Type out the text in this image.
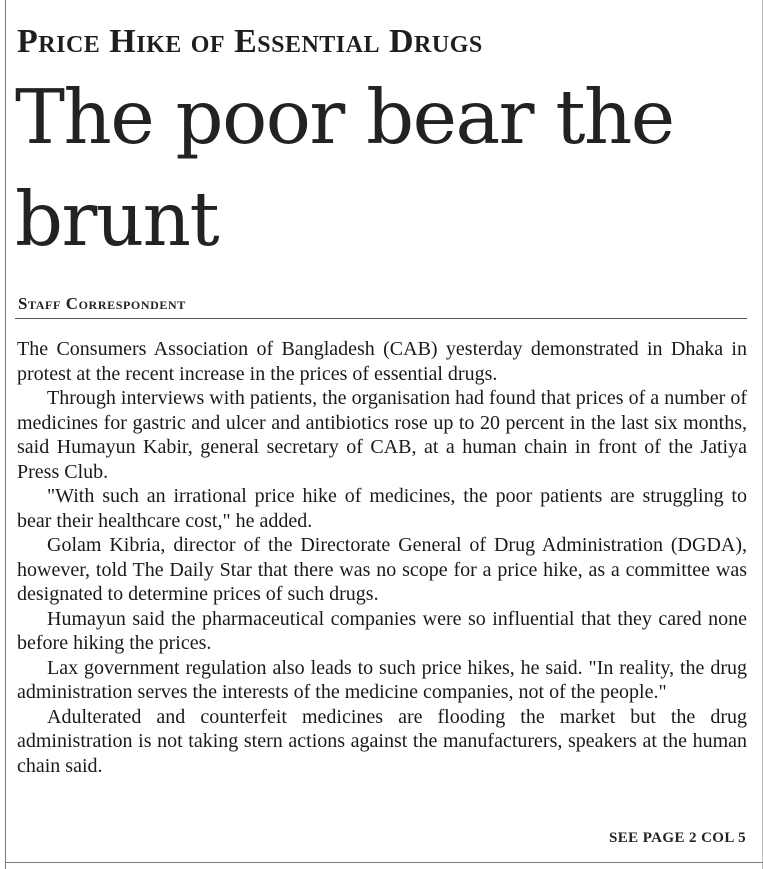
Price Hike of Essential Drugs
The poor bear the brunt
Staff Correspondent

The Consumers Association of Bangladesh (CAB) yesterday demonstrated in Dhaka in protest at the recent increase in the prices of essential drugs.

Through interviews with patients, the organisation had found that prices of a number of medicines for gastric and ulcer and antibiotics rose up to 20 percent in the last six months, said Humayun Kabir, general secretary of CAB, at a human chain in front of the Jatiya Press Club.

"With such an irrational price hike of medicines, the poor patients are struggling to bear their healthcare cost," he added.

Golam Kibria, director of the Directorate General of Drug Administration (DGDA), however, told The Daily Star that there was no scope for a price hike, as a committee was designated to determine prices of such drugs.

Humayun said the pharmaceutical companies were so influential that they cared none before hiking the prices.

Lax government regulation also leads to such price hikes, he said. "In reality, the drug administration serves the interests of the medicine companies, not of the people."

Adulterated and counterfeit medicines are flooding the market but the drug administration is not taking stern actions against the manufacturers, speakers at the human chain said.

SEE PAGE 2 COL 5
